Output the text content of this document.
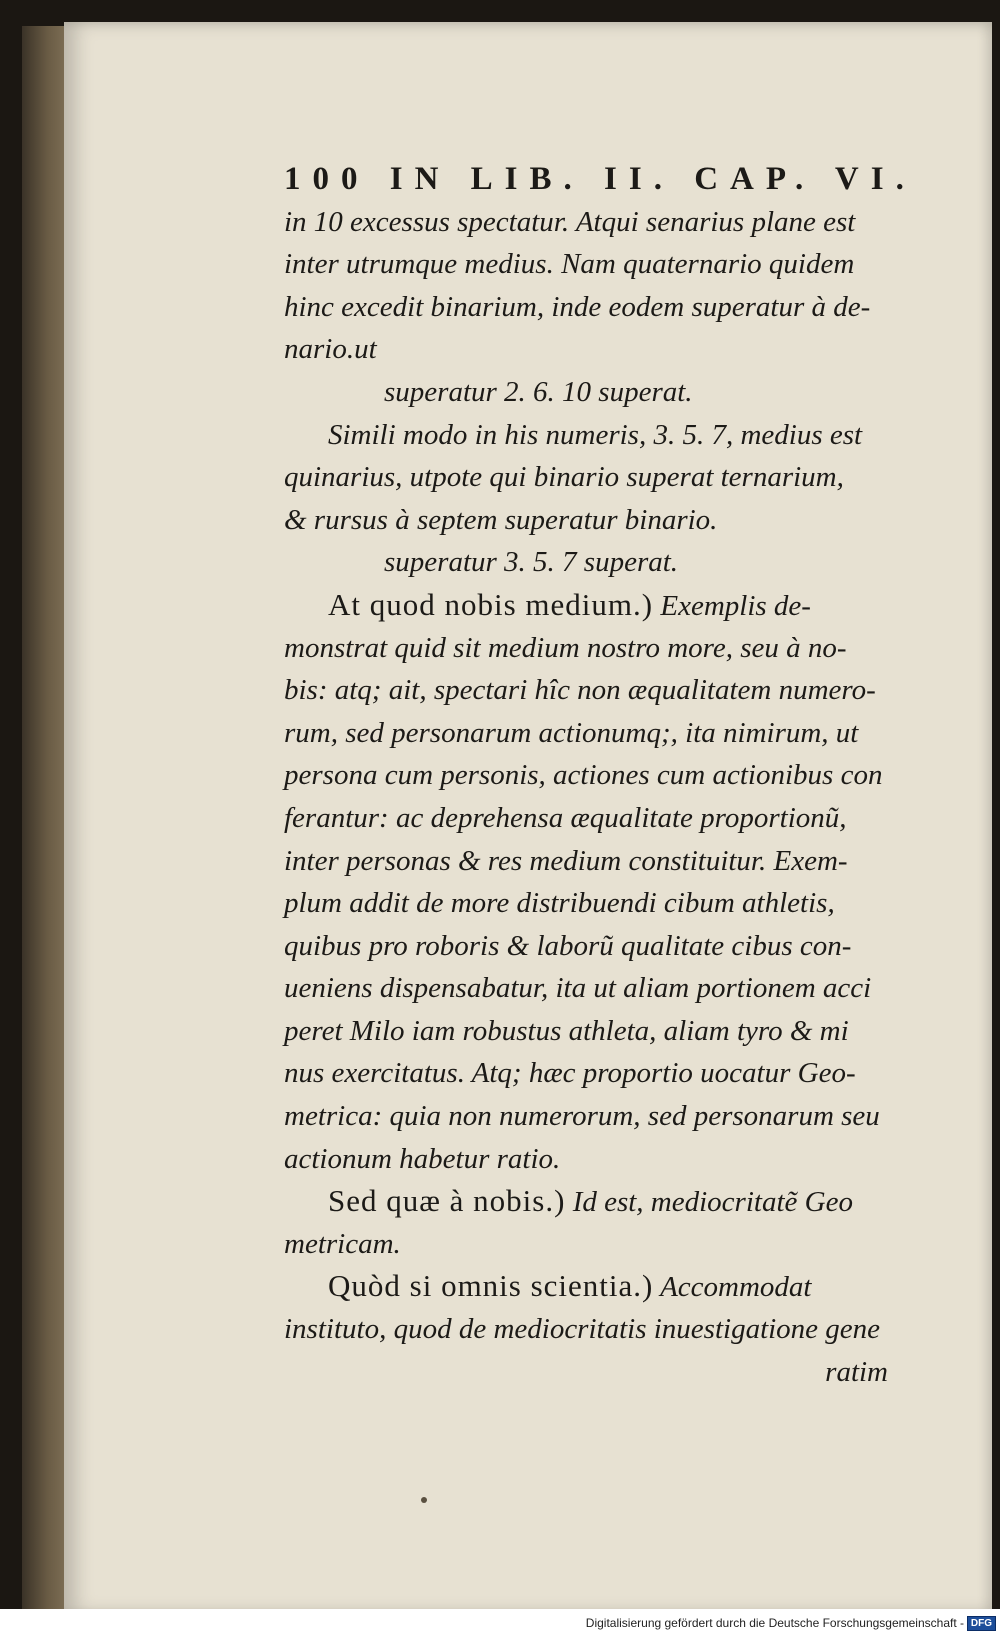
100 IN LIB. II. CAP. VI.
in 10 excessus spectatur. Atqui senarius plane est
inter utrumque medius. Nam quaternario quidem
hinc excedit binarium, inde eodem superatur à de-
nario.ut
superatur 2. 6. 10 superat.
Simili modo in his numeris, 3. 5. 7, medius est
quinarius, utpote qui binario superat ternarium,
& rursus à septem superatur binario.
superatur 3. 5. 7 superat.
At quod nobis medium.) Exemplis de-
monstrat quid sit medium nostro more, seu à no-
bis: atq; ait, spectari hîc non æqualitatem numero-
rum, sed personarum actionumq;, ita nimirum, ut
persona cum personis, actiones cum actionibus con
ferantur: ac deprehensa æqualitate proportionũ,
inter personas & res medium constituitur. Exem-
plum addit de more distribuendi cibum athletis,
quibus pro roboris & laborũ qualitate cibus con-
ueniens dispensabatur, ita ut aliam portionem acci
peret Milo iam robustus athleta, aliam tyro & mi
nus exercitatus. Atq; hæc proportio uocatur Geo-
metrica: quia non numerorum, sed personarum seu
actionum habetur ratio.
Sed quæ à nobis.) Id est, mediocritatẽ Geo
metricam.
Quòd si omnis scientia.) Accommodat
instituto, quod de mediocritatis inuestigatione gene
ratim
Digitalisierung gefördert durch die Deutsche Forschungsgemeinschaft - DFG
